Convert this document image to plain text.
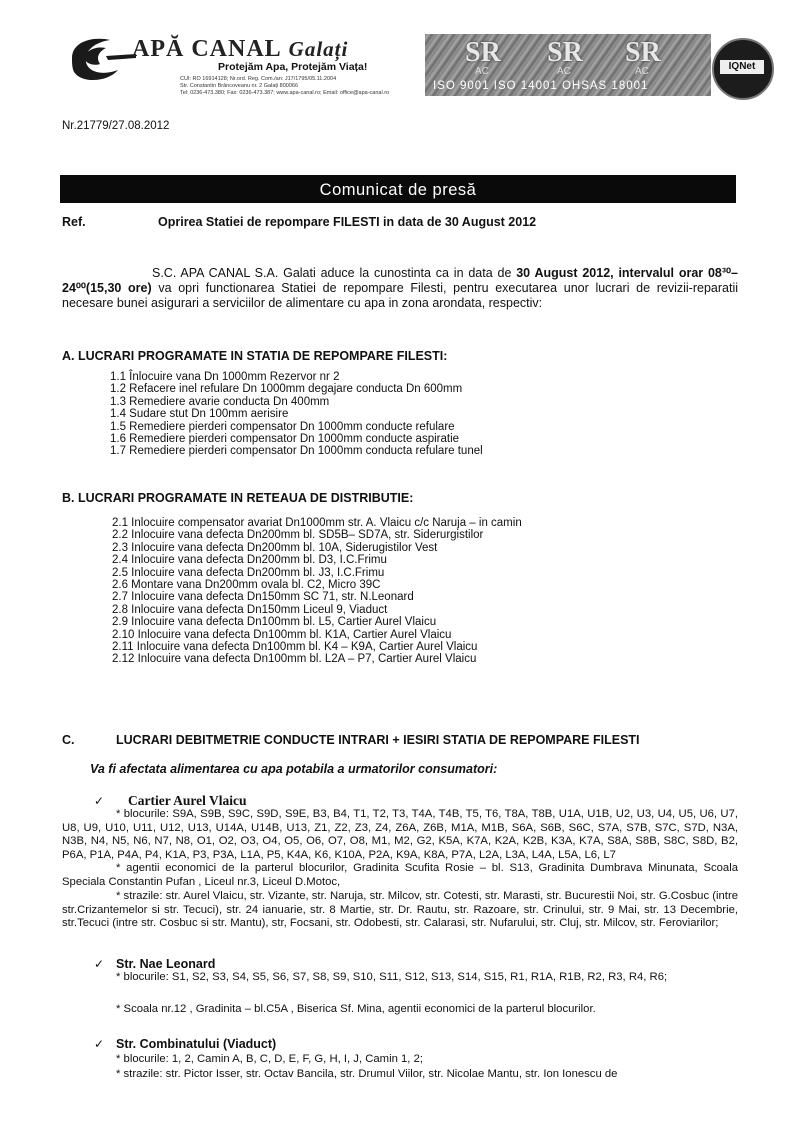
APĂ CANAL Galați
Protejăm Apa, Protejăm Viața!
CUI: RO 16914128; Nr.ord. Reg. Com./an: J17/1795/05.11.2004
Str. Constantin Brâncoveanu nr. 2 Galați 800066
Tel: 0236-473.380; Fax: 0236-473.387; www.apa-canal.ro; Email: office@apa-canal.ro
SR SR SR
AC	AC	AC
ISO 9001 ISO 14001 OHSAS 18001
IQNet
Nr.21779/27.08.2012
Comunicat de presă
Ref.	Oprirea Statiei de repompare FILESTI in data de 30 August 2012
S.C. APA CANAL S.A. Galati aduce la cunostinta ca in data de 30 August 2012, intervalul orar 08³⁰– 24⁰⁰(15,30 ore) va opri functionarea Statiei de repompare Filesti, pentru executarea unor lucrari de revizii-reparatii necesare bunei asigurari a serviciilor de alimentare cu apa in zona arondata, respectiv:
A. LUCRARI PROGRAMATE IN STATIA DE REPOMPARE FILESTI:
1.1 Înlocuire vana Dn 1000mm Rezervor nr 2
1.2 Refacere inel refulare Dn 1000mm degajare conducta Dn 600mm
1.3 Remediere avarie conducta Dn 400mm
1.4 Sudare stut Dn 100mm aerisire
1.5 Remediere pierderi compensator Dn 1000mm conducte refulare
1.6 Remediere pierderi compensator Dn 1000mm conducte aspiratie
1.7 Remediere pierderi compensator Dn 1000mm conducta refulare tunel
B. LUCRARI PROGRAMATE IN RETEAUA DE DISTRIBUTIE:
2.1 Inlocuire compensator avariat Dn1000mm str. A. Vlaicu c/c Naruja – in camin
2.2 Inlocuire vana defecta Dn200mm bl. SD5B– SD7A, str. Siderurgistilor
2.3 Inlocuire vana defecta Dn200mm bl. 10A, Siderugistilor Vest
2.4 Inlocuire vana defecta Dn200mm bl. D3, I.C.Frimu
2.5 Inlocuire vana defecta Dn200mm bl. J3, I.C.Frimu
2.6 Montare vana Dn200mm ovala bl. C2, Micro 39C
2.7 Inlocuire vana defecta Dn150mm SC 71, str. N.Leonard
2.8 Inlocuire vana defecta Dn150mm Liceul 9, Viaduct
2.9 Inlocuire vana defecta Dn100mm bl. L5, Cartier Aurel Vlaicu
2.10 Inlocuire vana defecta Dn100mm bl. K1A, Cartier Aurel Vlaicu
2.11 Inlocuire vana defecta Dn100mm bl. K4 – K9A, Cartier Aurel Vlaicu
2.12 Inlocuire vana defecta Dn100mm bl. L2A – P7, Cartier Aurel Vlaicu
C.	LUCRARI DEBITMETRIE CONDUCTE INTRARI + IESIRI STATIA DE REPOMPARE FILESTI
Va fi afectata alimentarea cu apa potabila a urmatorilor consumatori:
✓ Cartier Aurel Vlaicu
* blocurile: S9A, S9B, S9C, S9D, S9E, B3, B4, T1, T2, T3, T4A, T4B, T5, T6, T8A, T8B, U1A, U1B, U2, U3, U4, U5, U6, U7, U8, U9, U10, U11, U12, U13, U14A, U14B, U13, Z1, Z2, Z3, Z4, Z6A, Z6B, M1A, M1B, S6A, S6B, S6C, S7A, S7B, S7C, S7D, N3A, N3B, N4, N5, N6, N7, N8, O1, O2, O3, O4, O5, O6, O7, O8, M1, M2, G2, K5A, K7A, K2A, K2B, K3A, K7A, S8A, S8B, S8C, S8D, B2, P6A, P1A, P4A, P4, K1A, P3, P3A, L1A, P5, K4A, K6, K10A, P2A, K9A, K8A, P7A, L2A, L3A, L4A, L5A, L6, L7
* agentii economici de la parterul blocurilor, Gradinita Scufita Rosie – bl. S13, Gradinita Dumbrava Minunata, Scoala Speciala Constantin Pufan , Liceul nr.3, Liceul D.Motoc,
* strazile: str. Aurel Vlaicu, str. Vizante, str. Naruja, str. Milcov, str. Cotesti, str. Marasti, str. Bucurestii Noi, str. G.Cosbuc (intre str.Crizantemelor si str. Tecuci), str. 24 ianuarie, str. 8 Martie, str. Dr. Rautu, str. Razoare, str. Crinului, str. 9 Mai, str. 13 Decembrie, str.Tecuci (intre str. Cosbuc si str. Mantu), str, Focsani, str. Odobesti, str. Calarasi, str. Nufarului, str. Cluj, str. Milcov, str. Feroviarilor;
✓ Str. Nae Leonard
* blocurile: S1, S2, S3, S4, S5, S6, S7, S8, S9, S10, S11, S12, S13, S14, S15, R1, R1A, R1B, R2, R3, R4, R6;
* Scoala nr.12 , Gradinita – bl.C5A , Biserica Sf. Mina, agentii economici de la parterul blocurilor.
✓ Str. Combinatului (Viaduct)
* blocurile: 1, 2, Camin A, B, C, D, E, F, G, H, I, J, Camin 1, 2;
* strazile: str. Pictor Isser, str. Octav Bancila, str. Drumul Viilor, str. Nicolae Mantu, str. Ion Ionescu de
